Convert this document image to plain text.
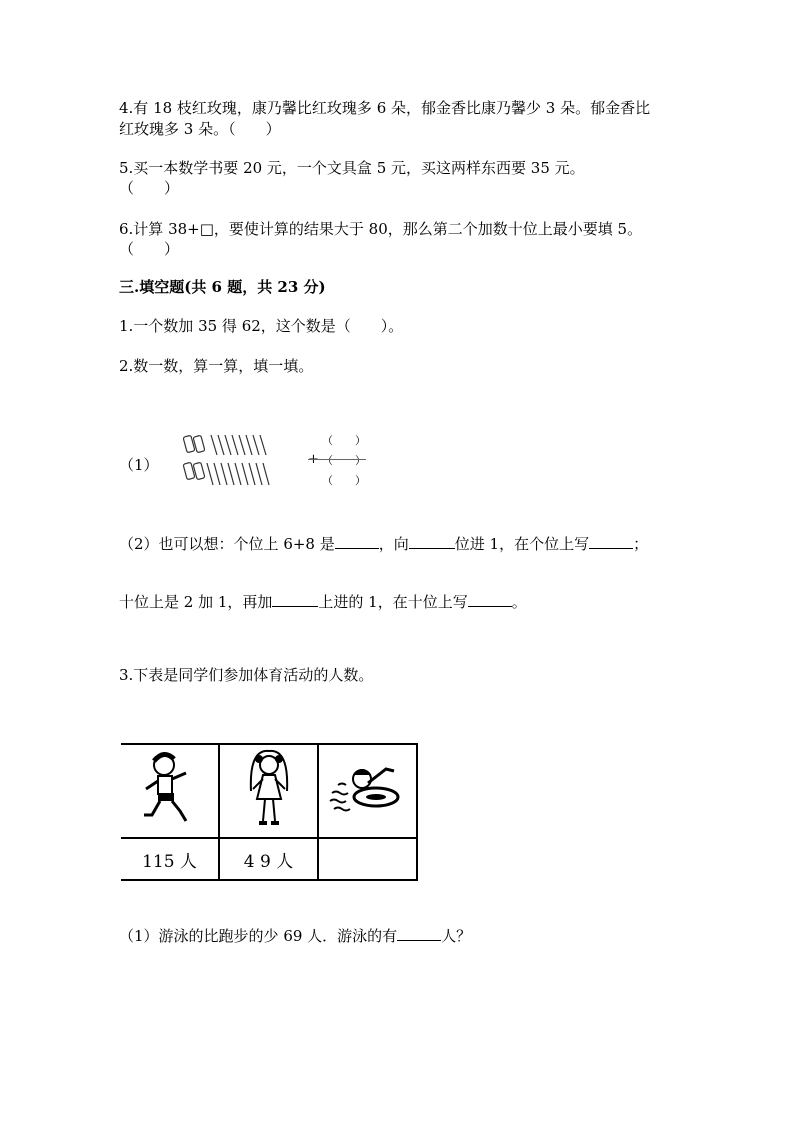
4.有 18 枝红玫瑰，康乃馨比红玫瑰多 6 朵，郁金香比康乃馨少 3 朵。郁金香比
红玫瑰多 3 朵。（　　）
5.买一本数学书要 20 元，一个文具盒 5 元，买这两样东西要 35 元。
（　　）
6.计算 38+□，要使计算的结果大于 80，那么第二个加数十位上最小要填 5。
（　　）
三.填空题(共 6 题，共 23 分)
1.一个数加 35 得 62，这个数是（　　）。
2.数一数，算一算，填一填。
（1）
（　　）
+ （　　）
（　　）
（2）也可以想：个位上 6+8 是	，向	位进 1，在个位上写	；
十位上是 2 加 1，再加	上进的 1，在十位上写	。
3.下表是同学们参加体育活动的人数。

115 人	4 9 人	
（1）游泳的比跑步的少 69 人．游泳的有	人？
